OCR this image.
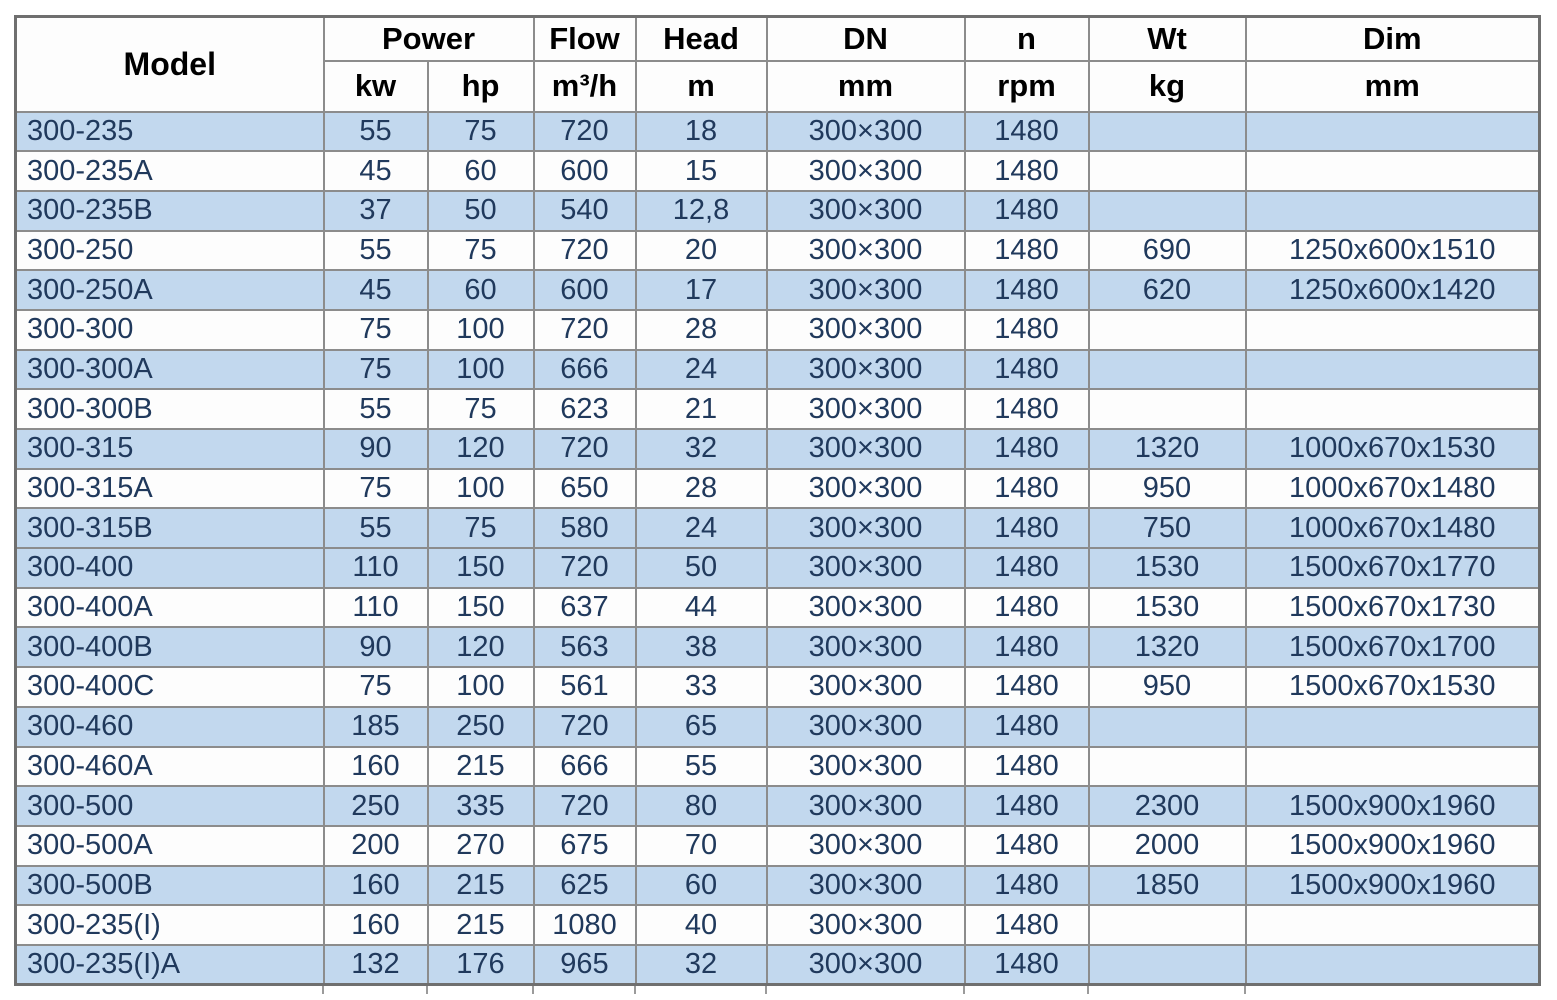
Model	Power		Flow	Head	DN	n	Wt	Dim
	kw	hp	m³/h	m	mm	rpm	kg	mm
300-235	55	75	720	18	300×300	1480		
300-235A	45	60	600	15	300×300	1480		
300-235B	37	50	540	12,8	300×300	1480		
300-250	55	75	720	20	300×300	1480	690	1250x600x1510
300-250A	45	60	600	17	300×300	1480	620	1250x600x1420
300-300	75	100	720	28	300×300	1480		
300-300A	75	100	666	24	300×300	1480		
300-300B	55	75	623	21	300×300	1480		
300-315	90	120	720	32	300×300	1480	1320	1000x670x1530
300-315A	75	100	650	28	300×300	1480	950	1000x670x1480
300-315B	55	75	580	24	300×300	1480	750	1000x670x1480
300-400	110	150	720	50	300×300	1480	1530	1500x670x1770
300-400A	110	150	637	44	300×300	1480	1530	1500x670x1730
300-400B	90	120	563	38	300×300	1480	1320	1500x670x1700
300-400C	75	100	561	33	300×300	1480	950	1500x670x1530
300-460	185	250	720	65	300×300	1480		
300-460A	160	215	666	55	300×300	1480		
300-500	250	335	720	80	300×300	1480	2300	1500x900x1960
300-500A	200	270	675	70	300×300	1480	2000	1500x900x1960
300-500B	160	215	625	60	300×300	1480	1850	1500x900x1960
300-235(I)	160	215	1080	40	300×300	1480		
300-235(I)A	132	176	965	32	300×300	1480		
